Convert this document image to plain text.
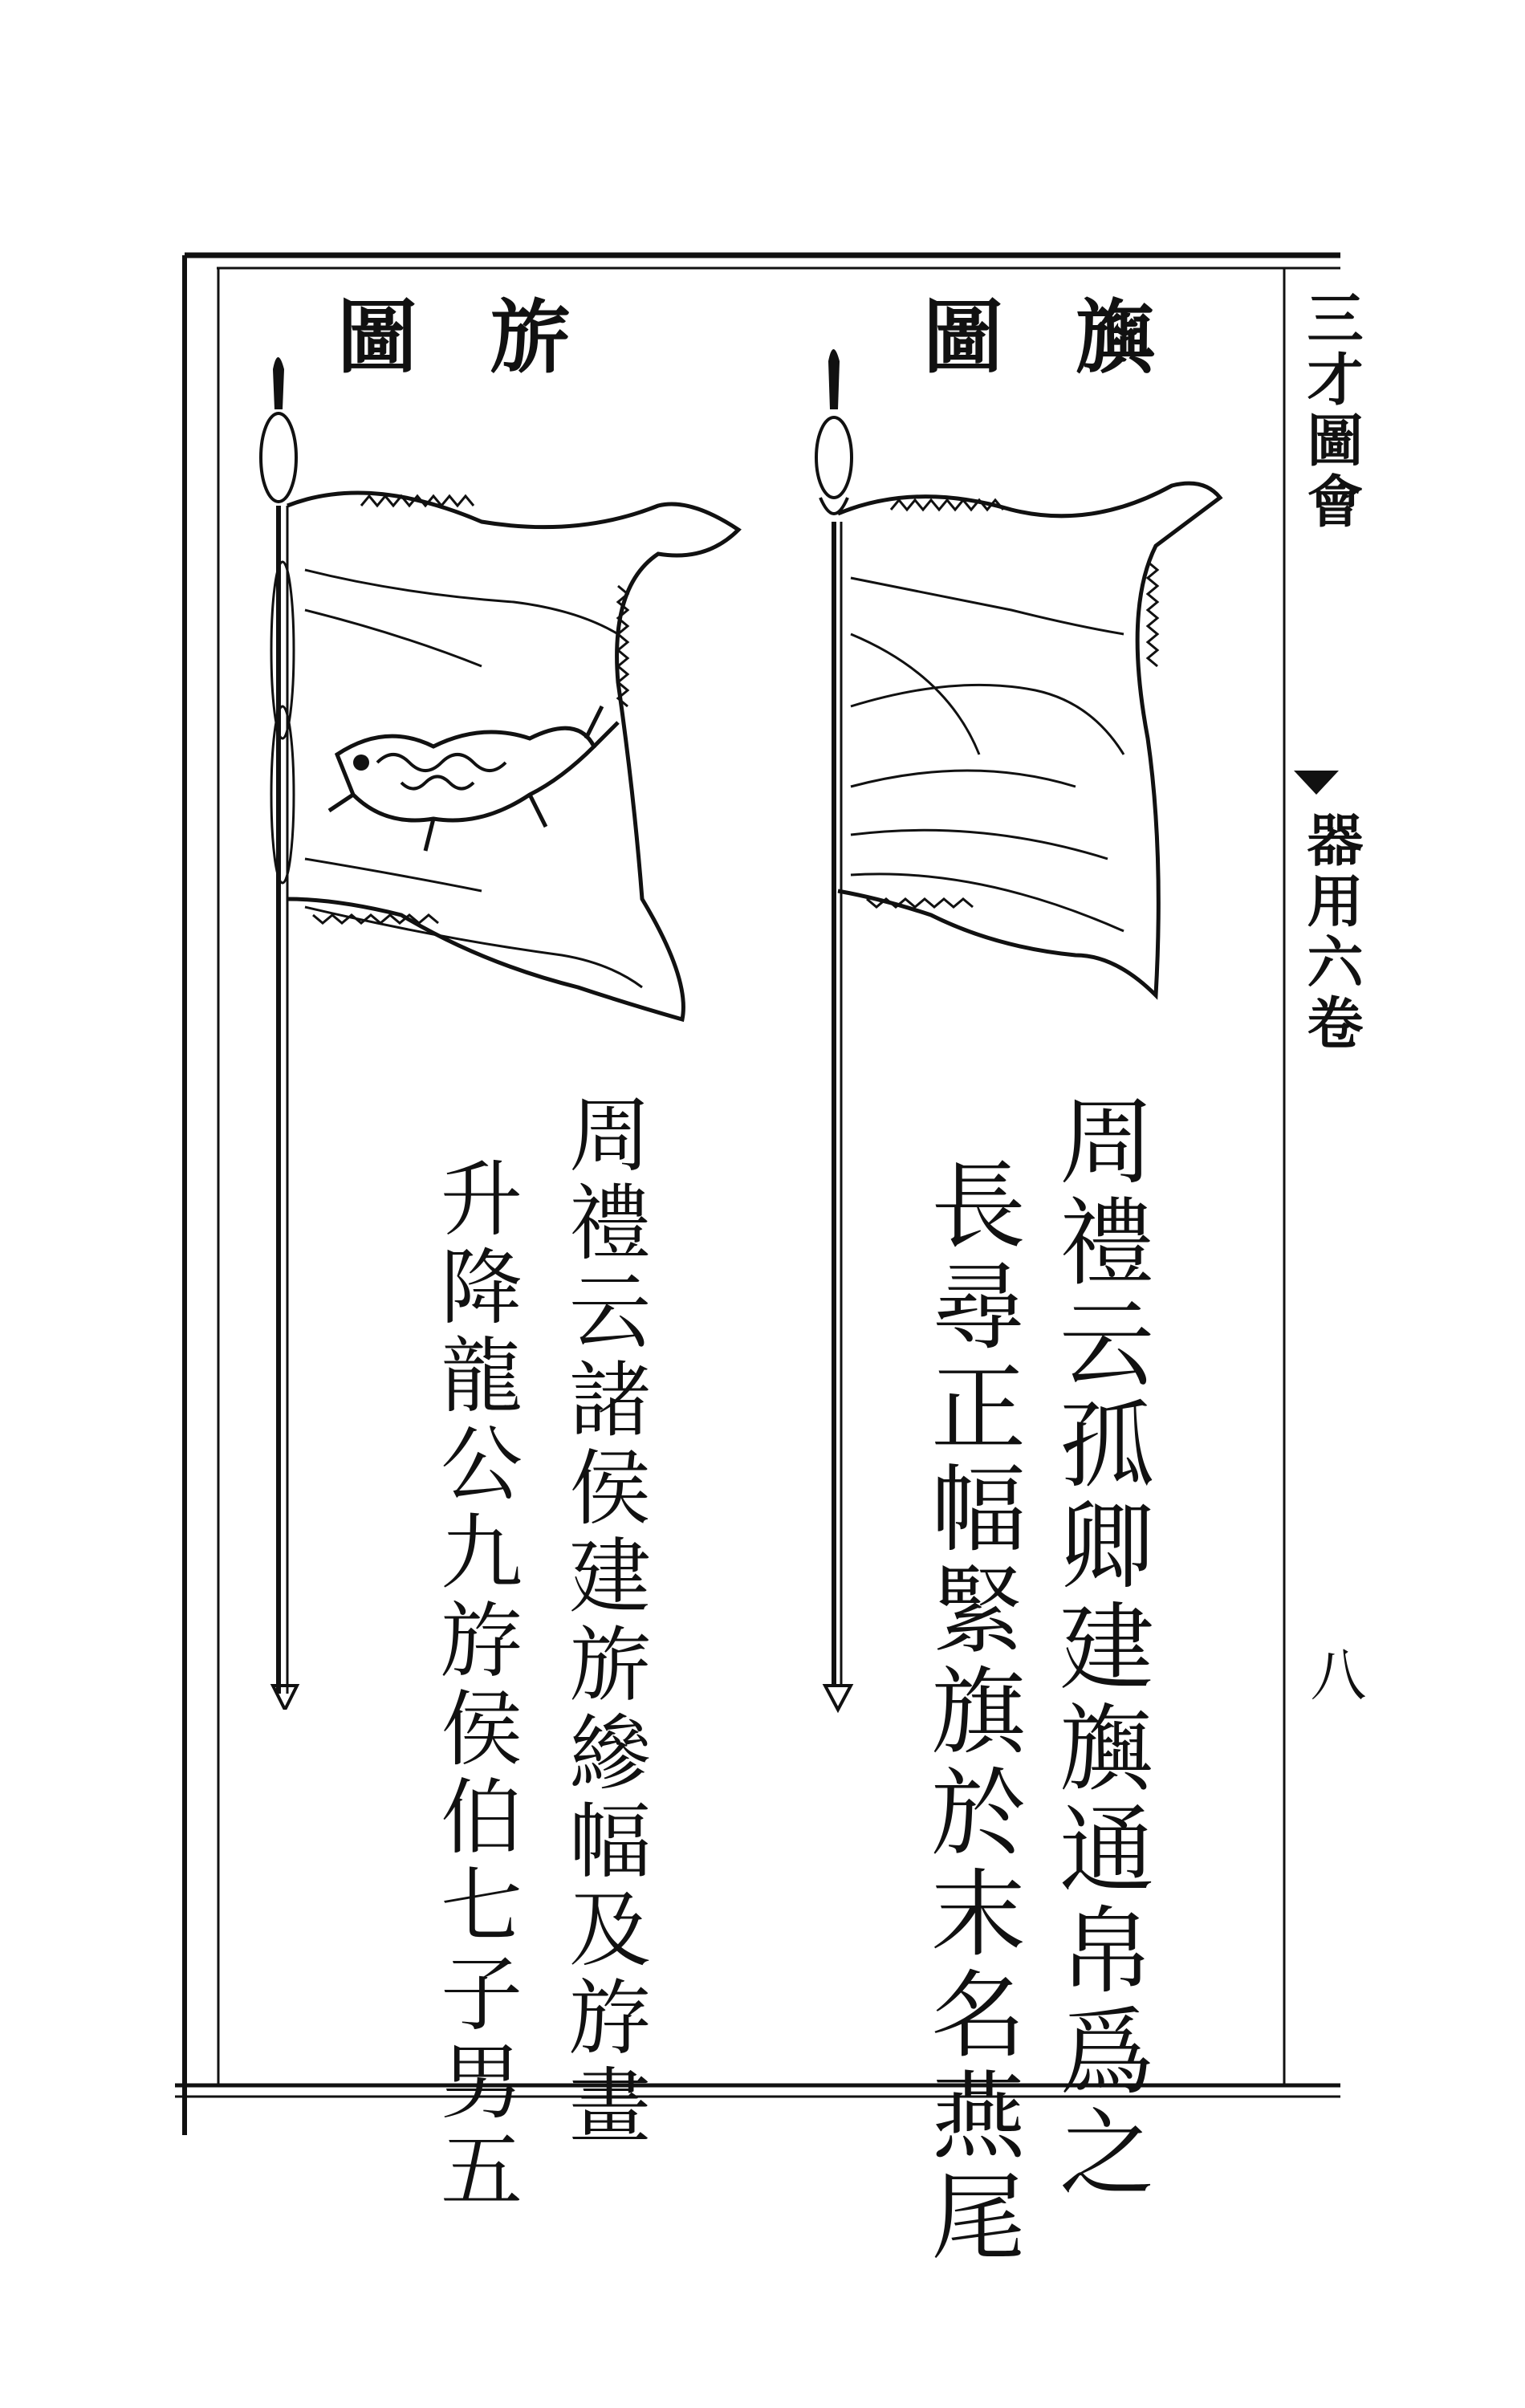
旟圖
旂圖
周禮云孤卿建旟通帛爲之
長尋正幅緊旗於末名燕尾
周禮云諸侯建旂縿幅及斿畫
升降龍公九斿侯伯七子男五
三才圖會
器用六卷
八
